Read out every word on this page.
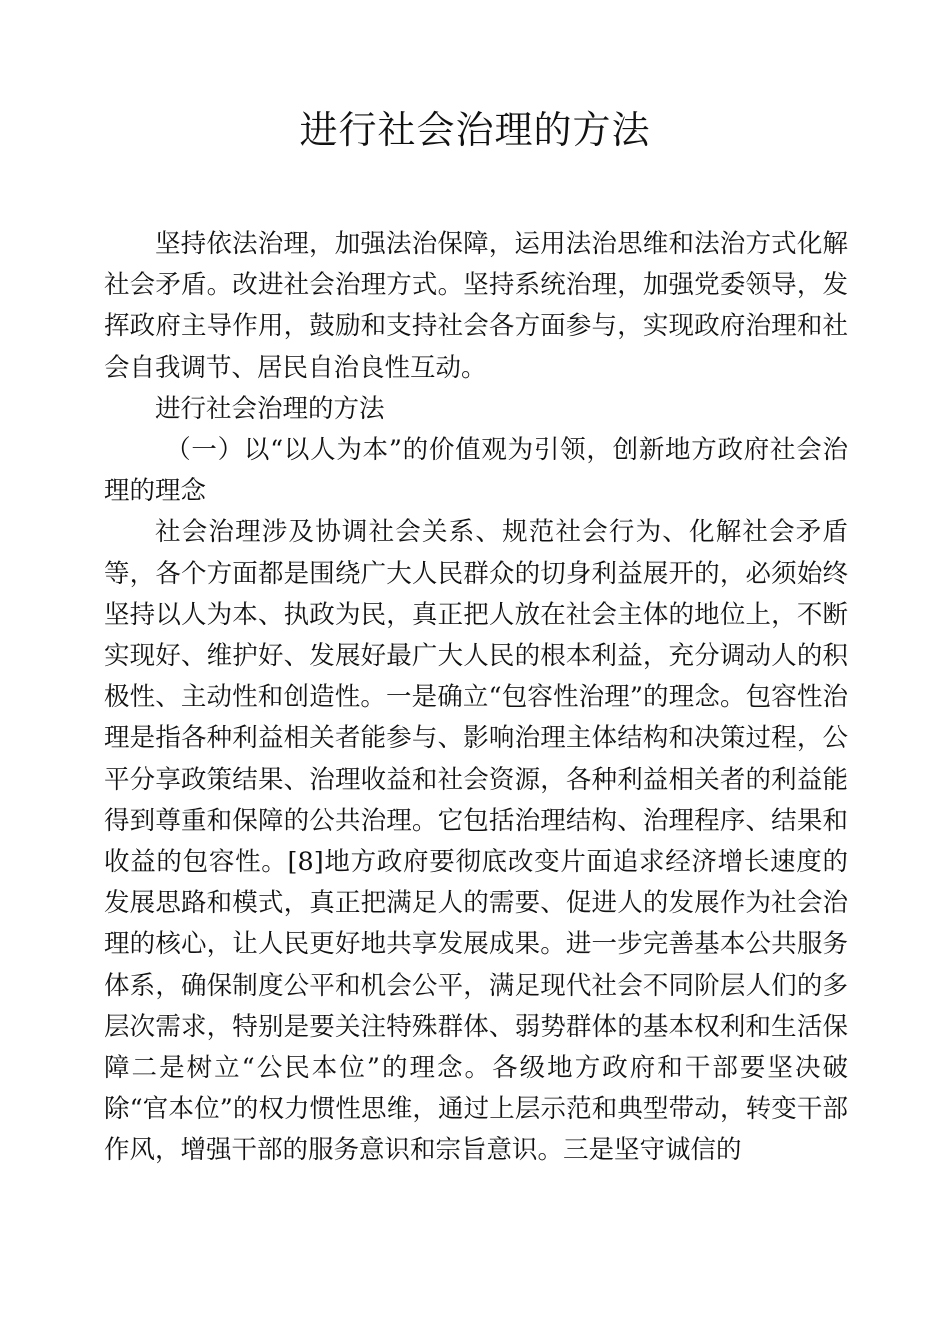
进行社会治理的方法

坚持依法治理，加强法治保障，运用法治思维和法治方式化解社会矛盾。改进社会治理方式。坚持系统治理，加强党委领导，发挥政府主导作用，鼓励和支持社会各方面参与，实现政府治理和社会自我调节、居民自治良性互动。

进行社会治理的方法

（一）以“以人为本”的价值观为引领，创新地方政府社会治理的理念

社会治理涉及协调社会关系、规范社会行为、化解社会矛盾等，各个方面都是围绕广大人民群众的切身利益展开的，必须始终坚持以人为本、执政为民，真正把人放在社会主体的地位上，不断实现好、维护好、发展好最广大人民的根本利益，充分调动人的积极性、主动性和创造性。一是确立“包容性治理”的理念。包容性治理是指各种利益相关者能参与、影响治理主体结构和决策过程，公平分享政策结果、治理收益和社会资源，各种利益相关者的利益能得到尊重和保障的公共治理。它包括治理结构、治理程序、结果和收益的包容性。[8]地方政府要彻底改变片面追求经济增长速度的发展思路和模式，真正把满足人的需要、促进人的发展作为社会治理的核心，让人民更好地共享发展成果。进一步完善基本公共服务体系，确保制度公平和机会公平，满足现代社会不同阶层人们的多层次需求，特别是要关注特殊群体、弱势群体的基本权利和生活保障二是树立“公民本位”的理念。各级地方政府和干部要坚决破除“官本位”的权力惯性思维，通过上层示范和典型带动，转变干部作风，增强干部的服务意识和宗旨意识。三是坚守诚信的
